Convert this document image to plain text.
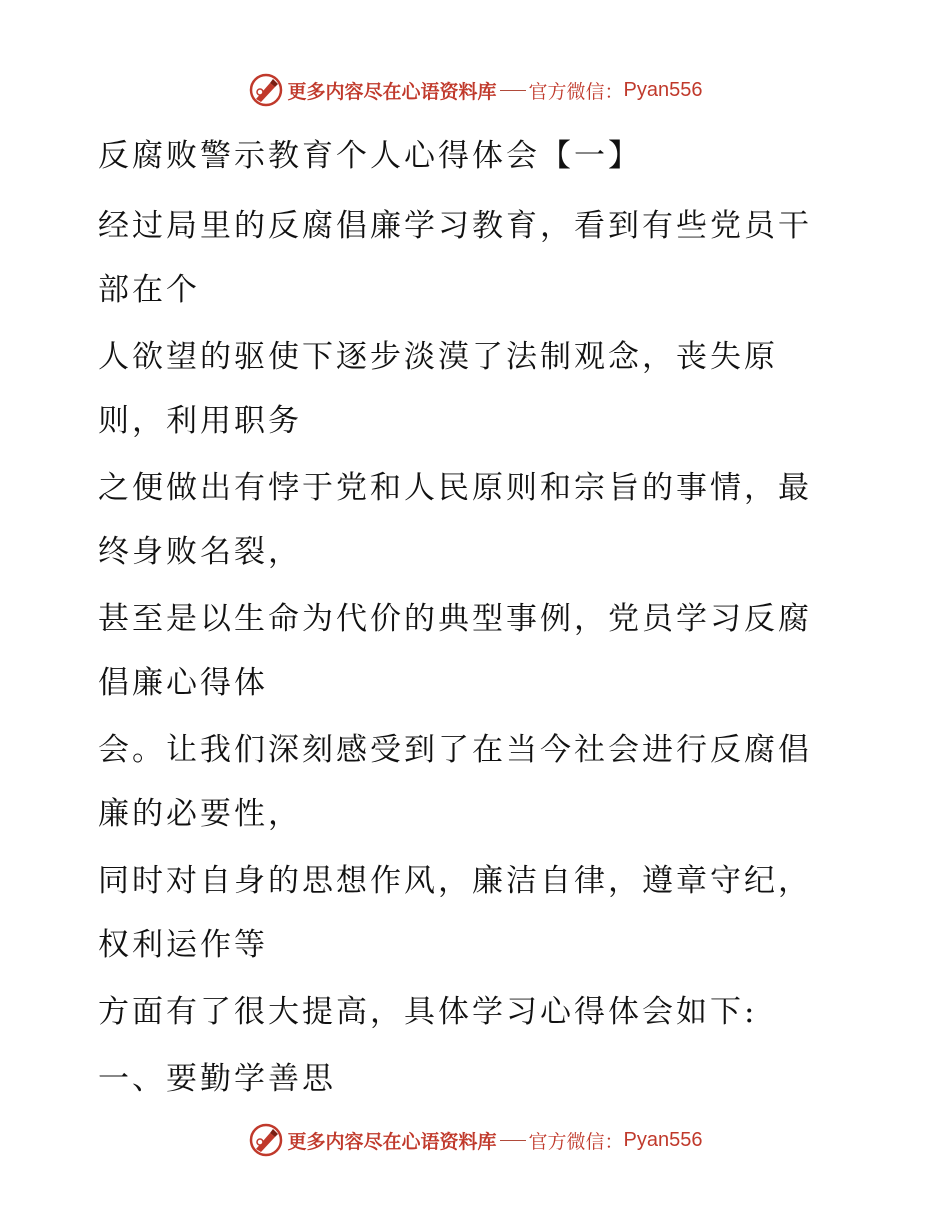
更多内容尽在心语资料库 官方微信： Pyan556
反腐败警示教育个人心得体会【一】
经过局里的反腐倡廉学习教育，看到有些党员干部在个
人欲望的驱使下逐步淡漠了法制观念，丧失原则，利用职务
之便做出有悖于党和人民原则和宗旨的事情，最终身败名裂，
甚至是以生命为代价的典型事例，党员学习反腐倡廉心得体
会。让我们深刻感受到了在当今社会进行反腐倡廉的必要性，
同时对自身的思想作风，廉洁自律，遵章守纪，权利运作等
方面有了很大提高，具体学习心得体会如下:
一、要勤学善思
更多内容尽在心语资料库 官方微信： Pyan556
